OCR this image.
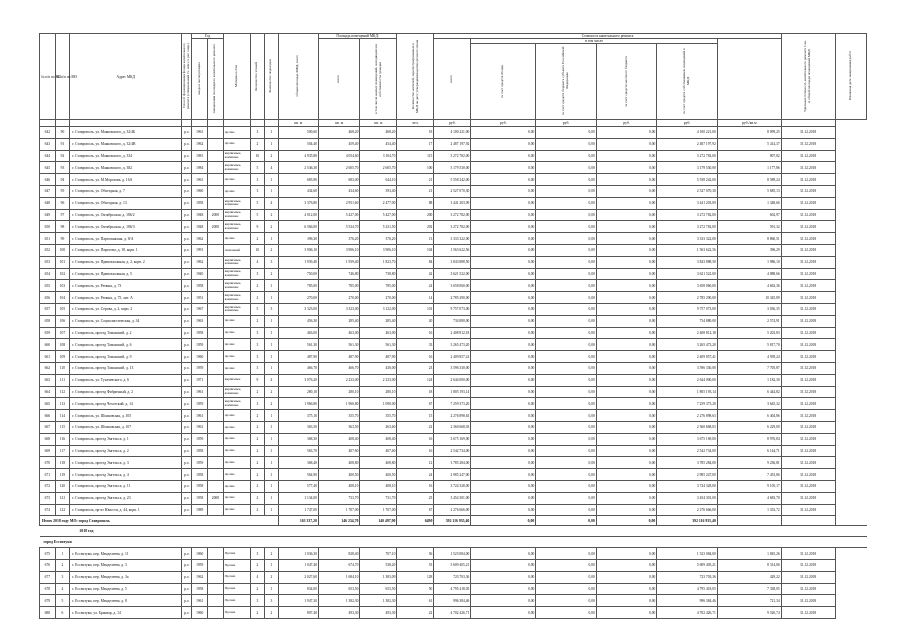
№ п/п по КП	№ п/п по МО	Адрес МКД	Способ формирования фонда капитального ремонта (специальный сч. или сч. рег. опер.)	Год		Материал стен	Количество этажей	Количество подъездов	общая площадь МКД, всего	Площадь помещений МКД:		Количество жителей, зарегистрированных в МКД на дату утверждения краткосрочного плана	Стоимость капитального ремонта						Удельная стоимость капитального ремонта 1 кв. м общей площади помещений МКД	Плановая дата завершения работ
				ввода в эксплуатацию	завершения последнего капитального ремонта					всего	в том числе жилых помещений, находящихся в собственности граждан		всего	в том числе						
														за счет средств Фонда	за счет средств бюджета субъекта Российской Федерации	за счет средств местного бюджета	за счет средств собственников помещений в МКД			
									кв. м	кв. м	кв. м	чел.	руб.	руб.	руб.	руб.	руб.	руб./кв.м		
642	90	г. Ставрополь, ул. Маяковского, д. 32/4Б	р.о.	1961		прочие	3	1	500,60	468,20	468,20	18	4 100 221,00	0,00	0,00	0,00	4 100 221,00	8 099,25	31.12.2018	
643	91	г. Ставрополь, ул. Маяковского, д. 32/4В	р.о.	1962		прочие	2	1	504,40	459,40	454,40	17	2 487 197,92	0,00	0,00	0,00	2 487 197,92	5 414,37	31.12.2018	
644	92	г. Ставрополь, ул. Маяковского, д. 334	р.о.	1981		кирпичные, каменные	10	2	4 935,80	4 054,60	3 104,70	115	3 272 782,00	0,00	0,00	0,00	3 272 782,00	807,82	31.12.2018	
645	93	г. Ставрополь, ул. Маяковского, д. 382	р.о.	1984		кирпичные, каменные	5	4	2 546,30	2 605,70	2 605,70	100	3 179 530,00	0,00	0,00	0,00	3 179 530,00	1 177,86	31.12.2018	
646	94	г. Ставрополь, ул. М.Морозова, д. 16А	р.о.	1961		прочие	3	1	683,90	683,00	644,10	21	5 558 242,00	0,00	0,00	0,00	5 558 242,00	8 589,24	31.12.2018	
647	95	г. Ставрополь, ул. Объездная, д. 7	р.о.	1960		прочие	3	1	434,60	434,60	393,40	21	2 527 070,30	0,00	0,00	0,00	2 527 070,30	5 685,13	31.12.2018	
648	96	г. Ставрополь, ул. Объездная, д. 13	р.о.	1958		кирпичные, каменные	5	4	3 376,80	2 951,60	2 477,00	88	3 441 203,09	0,00	0,00	0,00	3 441 203,09	1 348,66	31.12.2018	
649	97	г. Ставрополь, ул. Октябрьская, д. 186/2	р.о.	1948	2008	кирпичные, каменные	5	2	4 012,00	5 427,00	5 427,00	200	3 272 782,00	0,00	0,00	0,00	3 272 782,00	602,97	31.12.2018	
650	98	г. Ставрополь, ул. Октябрьская, д. 186/3	р.о.	1948	2008	кирпичные, каменные	9	2	6 566,00	5 534,70	5 231,50	292	3 272 782,00	0,00	0,00	0,00	3 272 782,00	591,32	31.12.2018	
651	99	г. Ставрополь, ул. Партизанская, д. 8/А	р.о.	1962		прочие	2	1	396,30	376,20	376,20	13	3 333 322,00	0,00	0,00	0,00	3 333 322,00	8 860,51	31.12.2018	
652	100	г. Ставрополь, ул. Пирогова, д. 18, корп. 1	р.о.	1991		панельный	10	2	3 906,10	3 906,10	3 906,10	104	1 563 622,56	0,00	0,00	0,00	1 563 622,56	396,29	31.12.2018	
653	101	г. Ставрополь, ул. Привокзальная, д. 2, корп. 2	р.о.	1962		кирпичные, каменные	4	3	1 939,40	1 939,40	1 823,70	84	3 843 888,50	0,00	0,00	0,00	3 843 888,50	1 986,10	31.12.2018	
654	102	г. Ставрополь, ул. Привокзальная, д. 5	р.о.	1940		кирпичные, каменные	3	2	750,00	746,80	738,80	42	3 621 522,00	0,00	0,00	0,00	3 621 522,00	4 888,66	31.12.2018	
655	103	г. Ставрополь, ул. Репина, д. 73	р.о.	1958		кирпичные, каменные	2	1	785,00	785,00	785,00	24	3 658 060,00	0,00	0,00	0,00	3 658 060,00	4 663,36	31.12.2018	
656	104	г. Ставрополь, ул. Репина, д. 75, лит. А	р.о.	1951		кирпичные, каменные	2	1	270,00	270,00	270,00	14	2 785 290,00	0,00	0,00	0,00	2 785 290,00	10 345,89	31.12.2018	
657	105	г. Ставрополь, ул. Серова, д. 2, корп. 2	р.о.	1967		кирпичные, каменные	5	3	3 323,00	3 323,00	3 122,00	101	9 757 073,00	0,00	0,00	0,00	9 757 073,00	3 036,35	31.12.2018	
658	106	г. Ставрополь, ул. Социалистическая, д. 34	р.о.	1963		прочие	2	1	456,30	285,40	285,40	20	734 880,00	0,00	0,00	0,00	734 880,00	2 574,91	31.12.2018	
659	107	г. Ставрополь, проезд Таманский, д. 2	р.о.	1958		прочие	3	1	463,00	463,00	463,00	16	2 408 812,18	0,00	0,00	0,00	2 408 812,18	5 202,83	31.12.2018	
660	108	г. Ставрополь, проезд Таманский, д. 6	р.о.	1959		прочие	3	1	561,30	561,30	561,30	33	3 265 473,20	0,00	0,00	0,00	3 265 473,20	5 817,70	31.12.2018	
661	109	г. Ставрополь, проезд Таманский, д. 9	р.о.	1960		прочие	3	1	487,90	487,90	487,90	16	2 409 857,41	0,00	0,00	0,00	2 409 857,41	4 939,24	31.12.2018	
662	110	г. Ставрополь, проезд Таманский, д. 13	р.о.	1959		прочие	3	1	466,70	466,70	430,00	23	3 596 330,00	0,00	0,00	0,00	3 596 330,00	7 705,87	31.12.2018	
663	111	г. Ставрополь, ул. Тухачевского, д. 6	р.о.	1971		кирпичные	9	4	3 076,20	2 233,00	2 233,00	124	2 644 000,00	0,00	0,00	0,00	2 644 000,00	1 182,30	31.12.2018	
664	112	г. Ставрополь, проезд Фабричный, д. 2	р.о.	1961		кирпичные, каменные	2	2	280,10	280,10	280,10	18	1 805 193,14	0,00	0,00	0,00	1 805 193,14	6 444,82	31.12.2018	
665	113	г. Ставрополь, проезд Чехотский, д. 14	р.о.	1959		кирпичные, каменные	3	2	1 966,80	1 966,80	1 090,00	67	7 259 373,20	0,00	0,00	0,00	7 259 373,20	3 645,32	31.12.2018	
666	114	г. Ставрополь, ул. Шпаковская, д. 105	р.о.	1961		прочие	2	1	375,10	355,70	355,70	15	2 276 898,63	0,00	0,00	0,00	2 276 898,63	6 404,86	31.12.2018	
667	115	г. Ставрополь, ул. Шпаковская, д. 107	р.о.	1961		прочие	2	1	363,50	363,50	263,60	22	2 360 668,03	0,00	0,00	0,00	2 360 668,03	6 229,00	31.12.2018	
668	116	г. Ставрополь, проезд Энгельса, д. 1	р.о.	1959		прочие	2	1	368,30	408,40	408,40	16	3 675 169,00	0,00	0,00	0,00	3 675 169,00	8 976,84	31.12.2018	
669	117	г. Ставрополь, проезд Энгельса, д. 2	р.о.	1958		прочие	2	1	563,70	407,60	407,60	16	2 542 734,00	0,00	0,00	0,00	2 542 734,00	6 144,71	31.12.2018	
670	118	г. Ставрополь, проезд Энгельса, д. 3	р.о.	1959		прочие	2	1	368,40	408,80	408,80	12	3 785 284,00	0,00	0,00	0,00	3 785 284,00	9 236,81	31.12.2018	
671	119	г. Ставрополь, проезд Энгельса, д. 4	р.о.	1958		прочие	2	1	564,90	400,50	400,50	24	2 985 247,00	0,00	0,00	0,00	2 985 247,00	7 453,86	31.12.2018	
672	120	г. Ставрополь, проезд Энгельса, д. 11	р.о.	1958		прочие	2	1	577,40	408,10	408,10	16	3 724 328,00	0,00	0,00	0,00	3 724 328,00	9 105,17	31.12.2018	
673	121	г. Ставрополь, проезд Энгельса, д. 23	р.о.	1958	2008	прочие	2	1	1 134,00	733,70	731,70	25	3 454 301,00	0,00	0,00	0,00	3 454 301,00	4 683,70	31.12.2018	
674	122	г. Ставрополь, пр-кт Юности, д. 44, корп. 1	р.о.	1989		прочие	2	1	1 747,00	1 707,00	1 707,00	67	2 276 666,00	0,00	0,00	0,00	2 276 666,00	1 333,72	31.12.2018	
Итого 2018 году МО: город Ставрополь									163 337,20	146 234,70	140 497,90	6490	392 116 935,40	0,00	0,00	0,00	392 116 935,40			
2018 год																				
город Ессентуки																				
675	1	г. Ессентуки, пер. Менделеева, д. 11	р.о.	1960		Прочие	3	2	1 036,30	828,40	707,10	56	1 523 084,00	0,00	0,00	0,00	1 523 084,00	1 845,26	31.12.2018	
676	2	г. Ессентуки, пер. Менделеева, д. 3	р.о.	1959		Прочие	2	1	1 047,40	674,70	538,20	53	5 609 405,21	0,00	0,00	0,00	5 609 405,21	8 314,06	31.12.2018	
677	3	г. Ессентуки, пер. Менделеева, д. 3а	р.о.	1962		Прочие	4	2	2 027,60	1 684,10	1 383,09	128	723 703,36	0,00	0,00	0,00	723 703,36	429,22	31.12.2018	
678	4	г. Ессентуки, пер. Менделеева, д. 5	р.о.	1958		Прочие	2	1	834,00	653,50	653,50	50	4 795 418,05	0,00	0,00	0,00	4 795 418,05	7 338,05	31.12.2018	
679	5	г. Ессентуки, пер. Менделеева, д. 8	р.о.	1961		Прочие	3	3	1 947,30	1 382,30	1 382,30	61	996 384,46	0,00	0,00	0,00	996 384,46	721,34	31.12.2018	
680	6	г. Ессентуки, ул. Бринзар, д. 14	р.о.	1960		Прочие	2	2	807,40	493,30	493,30	22	4 702 426,71	0,00	0,00	0,00	4 702 426,71	9 526,74	31.12.2018	
